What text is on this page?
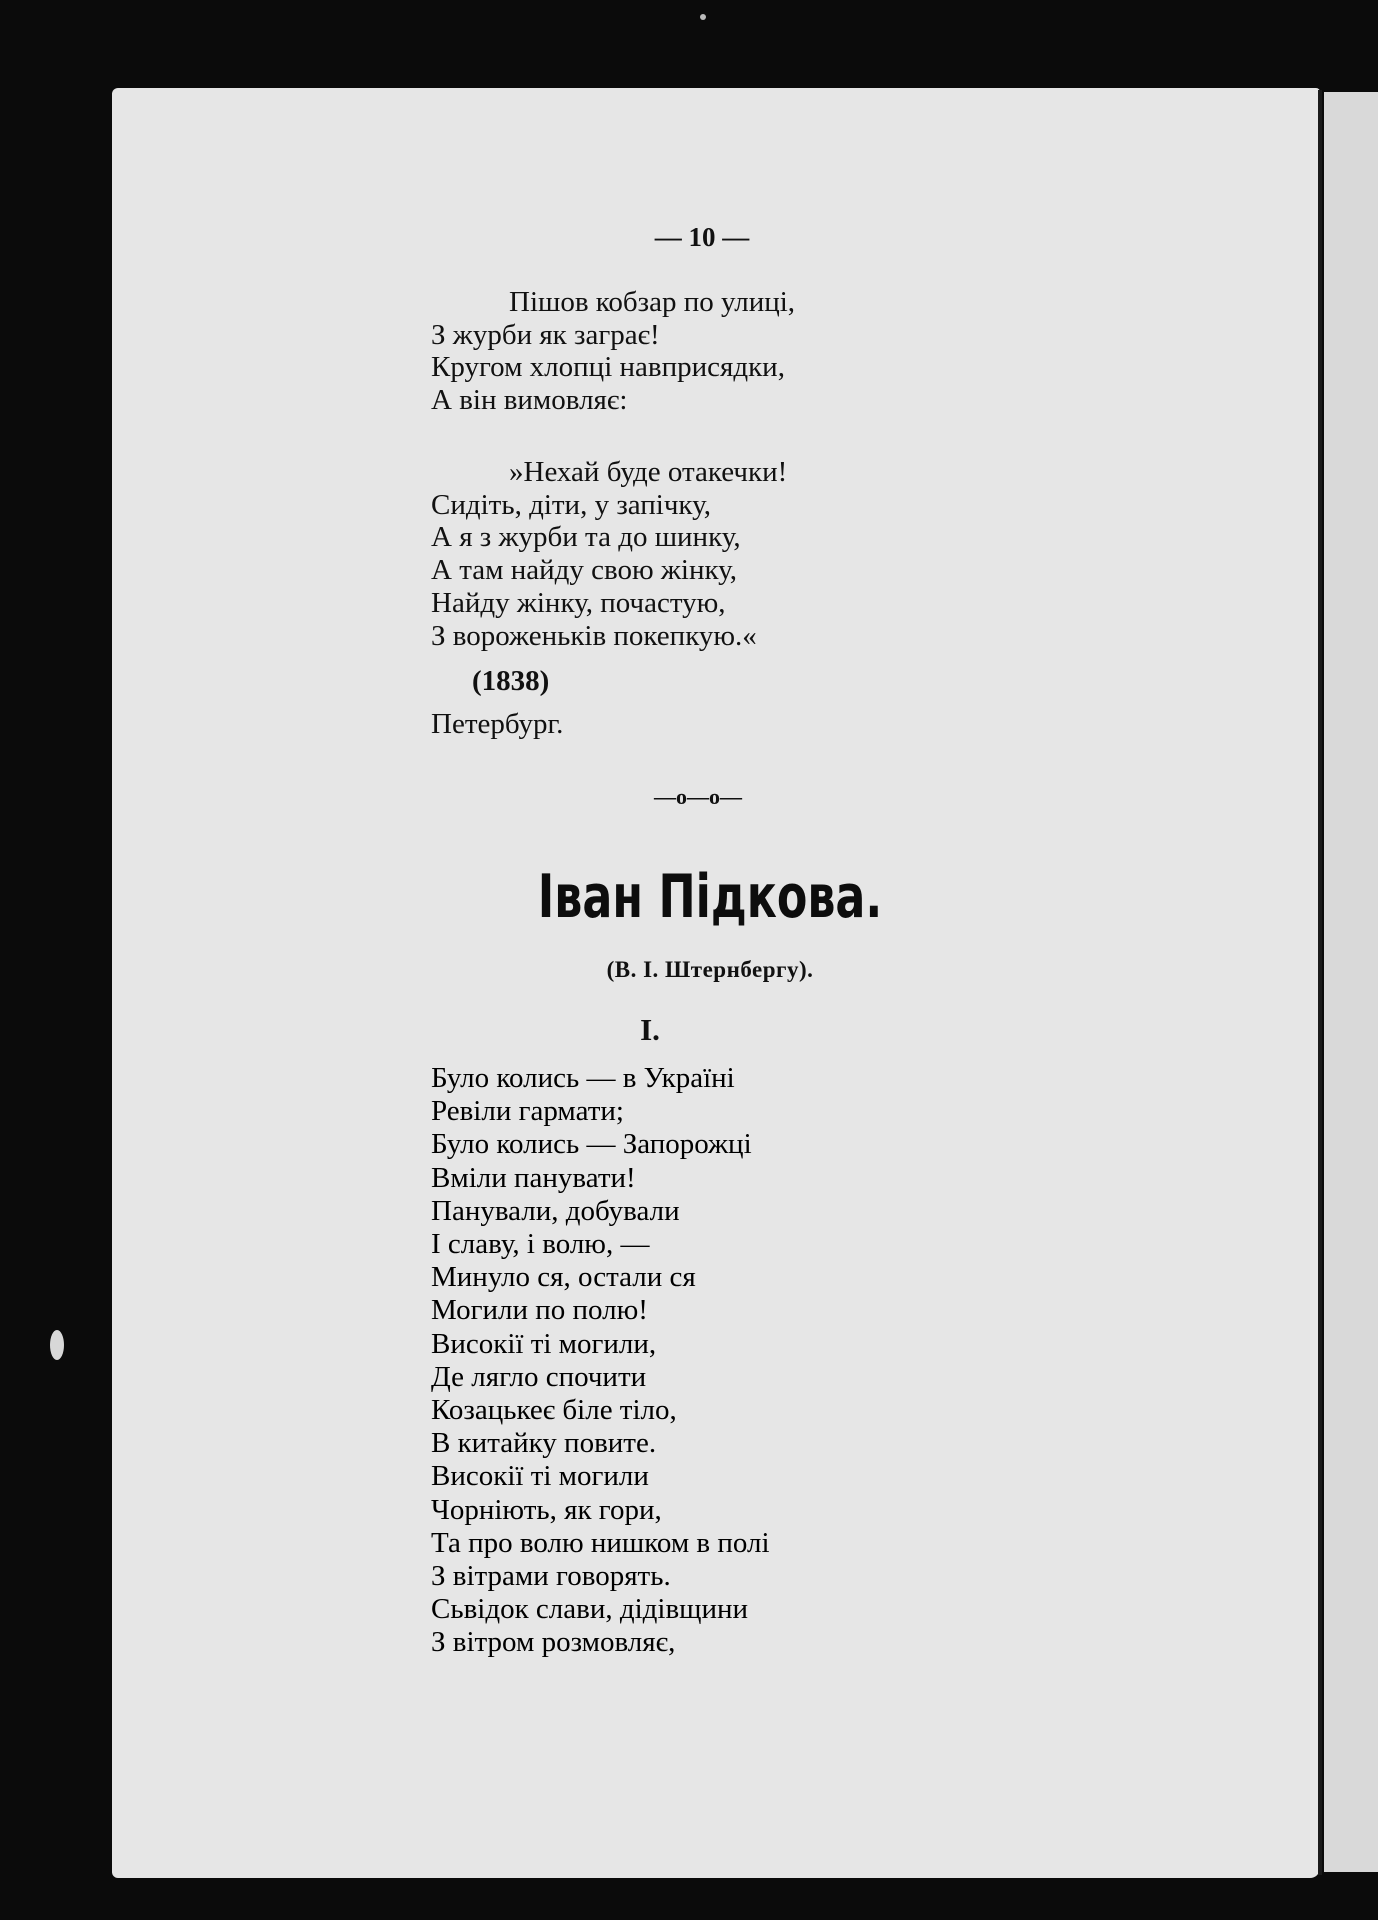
— 10 —
Пішов кобзар по улиці,
З журби як заграє!
Кругом хлопці навприсядки,
А він вимовляє:
»Нехай буде отакечки!
Сидіть, діти, у запічку,
А я з журби та до шинку,
А там найду свою жінку,
Найду жінку, почастую,
З вороженьків покепкую.«
(1838)
Петербург.
—o—o—
Іван Підкова.
(В. І. Штернбергу).
I.
Було колись — в Україні
Ревіли гармати;
Було колись — Запорожці
Вміли панувати!
Панували, добували
І славу, і волю, —
Минуло ся, остали ся
Могили по полю!
Високії ті могили,
Де лягло спочити
Козацькеє біле тіло,
В китайку повите.
Високії ті могили
Чорніють, як гори,
Та про волю нишком в полі
З вітрами говорять.
Сьвідок слави, дідівщини
З вітром розмовляє,
